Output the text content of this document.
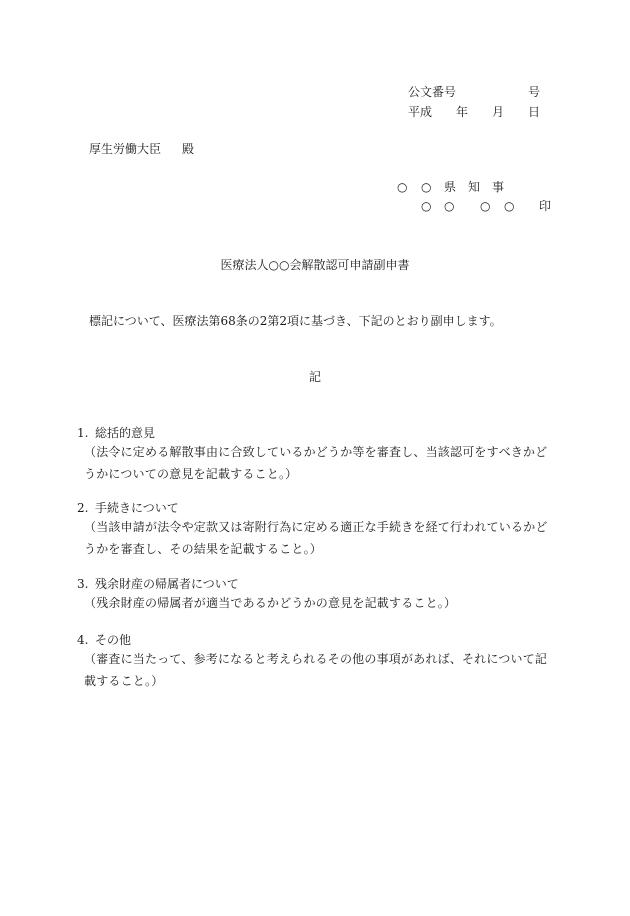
公文番号	号
平成 年 月 日
厚生労働大臣 殿
○ ○ 県 知 事
○ ○ ○ ○ 印
医療法人○○会解散認可申請副申書
標記について、医療法第68条の2第2項に基づき、下記のとおり副申します。
記
1. 総括的意見
（法令に定める解散事由に合致しているかどうか等を審査し、当該認可をすべきかどうかについての意見を記載すること。）
2. 手続きについて
（当該申請が法令や定款又は寄附行為に定める適正な手続きを経て行われているかどうかを審査し、その結果を記載すること。）
3. 残余財産の帰属者について
（残余財産の帰属者が適当であるかどうかの意見を記載すること。）
4. その他
（審査に当たって、参考になると考えられるその他の事項があれば、それについて記載すること。）
